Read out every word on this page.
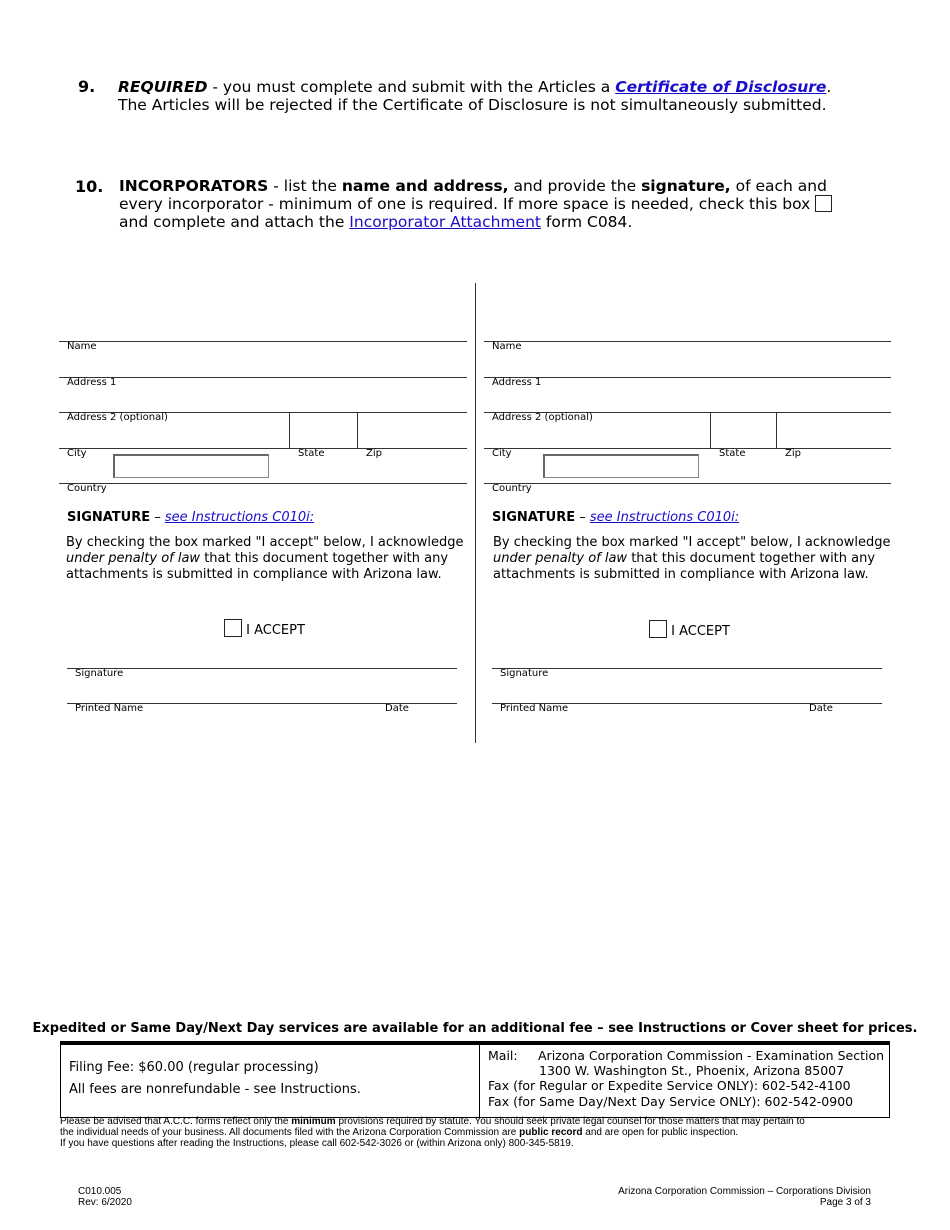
9. REQUIRED - you must complete and submit with the Articles a Certificate of Disclosure.
The Articles will be rejected if the Certificate of Disclosure is not simultaneously submitted.
10. INCORPORATORS - list the name and address, and provide the signature, of each and
every incorporator - minimum of one is required. If more space is needed, check this box
and complete and attach the Incorporator Attachment form C084.
Name
Address 1
Address 2 (optional)
City	State	Zip
Country
SIGNATURE – see Instructions C010i:
By checking the box marked "I accept" below, I acknowledge
under penalty of law that this document together with any
attachments is submitted in compliance with Arizona law.
I ACCEPT
Signature
Printed Name	Date
Name
Address 1
Address 2 (optional)
City	State	Zip
Country
SIGNATURE – see Instructions C010i:
By checking the box marked "I accept" below, I acknowledge
under penalty of law that this document together with any
attachments is submitted in compliance with Arizona law.
I ACCEPT
Signature
Printed Name	Date
Expedited or Same Day/Next Day services are available for an additional fee – see Instructions or Cover sheet for prices.
Filing Fee: $60.00 (regular processing)
All fees are nonrefundable - see Instructions.
Mail: Arizona Corporation Commission - Examination Section
1300 W. Washington St., Phoenix, Arizona 85007
Fax (for Regular or Expedite Service ONLY): 602-542-4100
Fax (for Same Day/Next Day Service ONLY): 602-542-0900
Please be advised that A.C.C. forms reflect only the minimum provisions required by statute. You should seek private legal counsel for those matters that may pertain to
the individual needs of your business. All documents filed with the Arizona Corporation Commission are public record and are open for public inspection.
If you have questions after reading the Instructions, please call 602-542-3026 or (within Arizona only) 800-345-5819.
C010.005
Rev: 6/2020
Arizona Corporation Commission – Corporations Division
Page 3 of 3
